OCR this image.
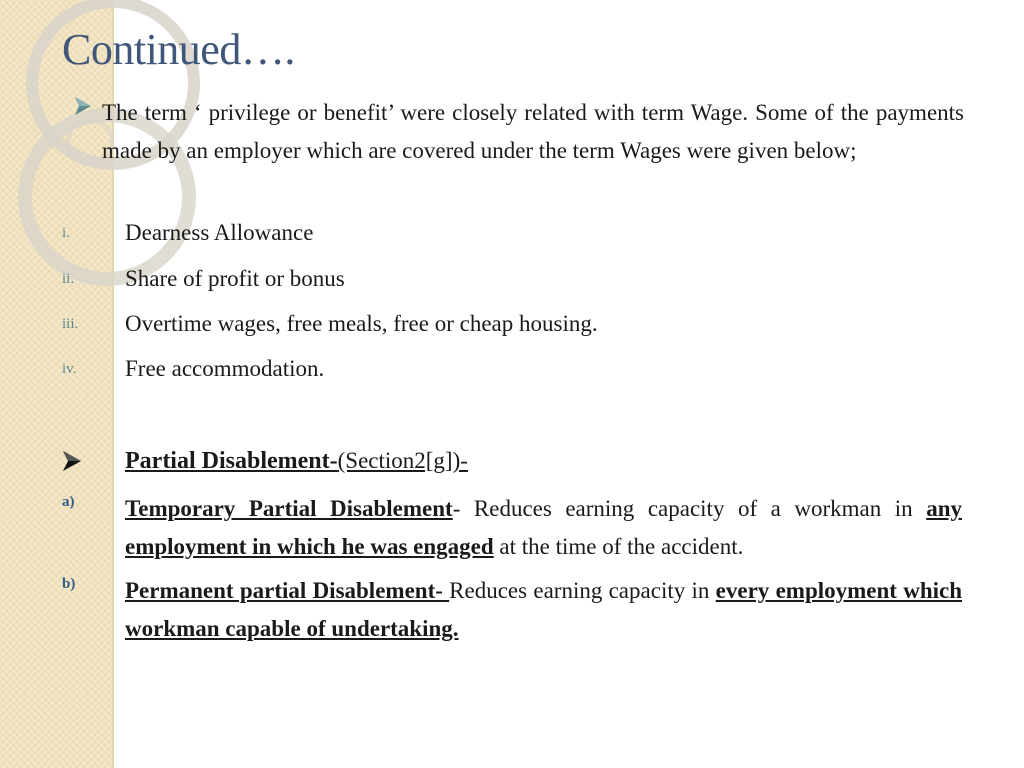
Continued….

The term ‘ privilege or benefit’ were closely related with term Wage. Some of the payments made by an employer which are covered under the term Wages were given below;

i. Dearness Allowance
ii. Share of profit or bonus
iii. Overtime wages, free meals, free or cheap housing.
iv. Free accommodation.
Partial Disablement-(Section2[g])-
a) Temporary Partial Disablement- Reduces earning capacity of a workman in any employment in which he was engaged at the time of the accident.

b) Permanent partial Disablement- Reduces earning capacity in every employment which workman capable of undertaking.
